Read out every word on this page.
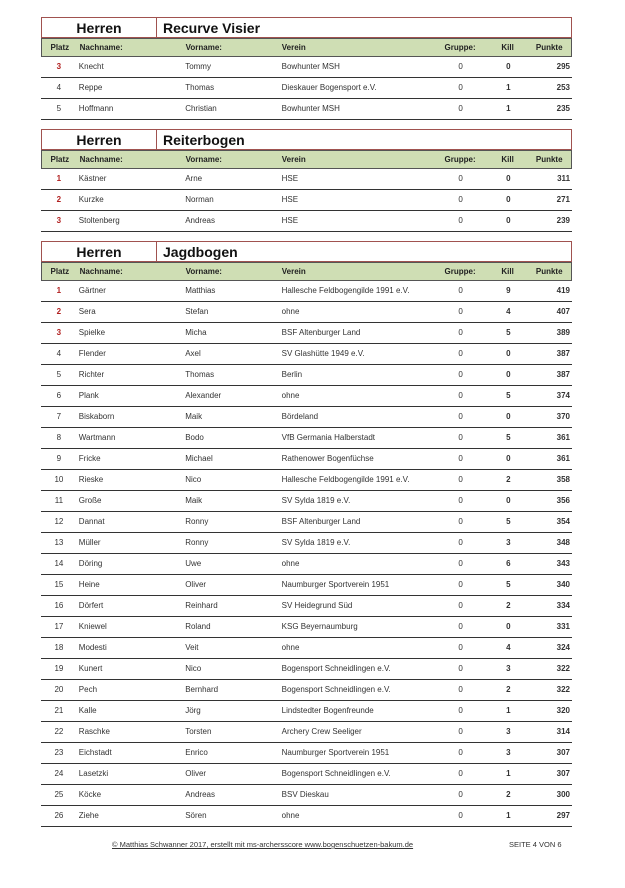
Herren	Recurve Visier
Platz	Nachname:	Vorname:	Verein	Gruppe:	Kill	Punkte
3	Knecht	Tommy	Bowhunter MSH	0	0	295
4	Reppe	Thomas	Dieskauer Bogensport e.V.	0	1	253
5	Hoffmann	Christian	Bowhunter MSH	0	1	235
Herren	Reiterbogen
Platz	Nachname:	Vorname:	Verein	Gruppe:	Kill	Punkte
1	Kästner	Arne	HSE	0	0	311
2	Kurzke	Norman	HSE	0	0	271
3	Stoltenberg	Andreas	HSE	0	0	239
Herren	Jagdbogen
Platz	Nachname:	Vorname:	Verein	Gruppe:	Kill	Punkte
1	Gärtner	Matthias	Hallesche Feldbogengilde 1991 e.V.	0	9	419
2	Sera	Stefan	ohne	0	4	407
3	Spielke	Micha	BSF Altenburger Land	0	5	389
4	Flender	Axel	SV Glashütte 1949 e.V.	0	0	387
5	Richter	Thomas	Berlin	0	0	387
6	Plank	Alexander	ohne	0	5	374
7	Biskaborn	Maik	Bördeland	0	0	370
8	Wartmann	Bodo	VfB Germania Halberstadt	0	5	361
9	Fricke	Michael	Rathenower Bogenfüchse	0	0	361
10	Rieske	Nico	Hallesche Feldbogengilde 1991 e.V.	0	2	358
11	Große	Maik	SV Sylda 1819 e.V.	0	0	356
12	Dannat	Ronny	BSF Altenburger Land	0	5	354
13	Müller	Ronny	SV Sylda 1819 e.V.	0	3	348
14	Döring	Uwe	ohne	0	6	343
15	Heine	Oliver	Naumburger Sportverein 1951	0	5	340
16	Dörfert	Reinhard	SV Heidegrund Süd	0	2	334
17	Kniewel	Roland	KSG Beyernaumburg	0	0	331
18	Modesti	Veit	ohne	0	4	324
19	Kunert	Nico	Bogensport Schneidlingen e.V.	0	3	322
20	Pech	Bernhard	Bogensport Schneidlingen e.V.	0	2	322
21	Kalle	Jörg	Lindstedter Bogenfreunde	0	1	320
22	Raschke	Torsten	Archery Crew Seeliger	0	3	314
23	Eichstadt	Enrico	Naumburger Sportverein 1951	0	3	307
24	Lasetzki	Oliver	Bogensport Schneidlingen e.V.	0	1	307
25	Köcke	Andreas	BSV Dieskau	0	2	300
26	Ziehe	Sören	ohne	0	1	297
© Matthias Schwanner 2017, erstellt mit ms-archersscore www.bogenschuetzen-bakum.de	SEITE 4 VON 6
